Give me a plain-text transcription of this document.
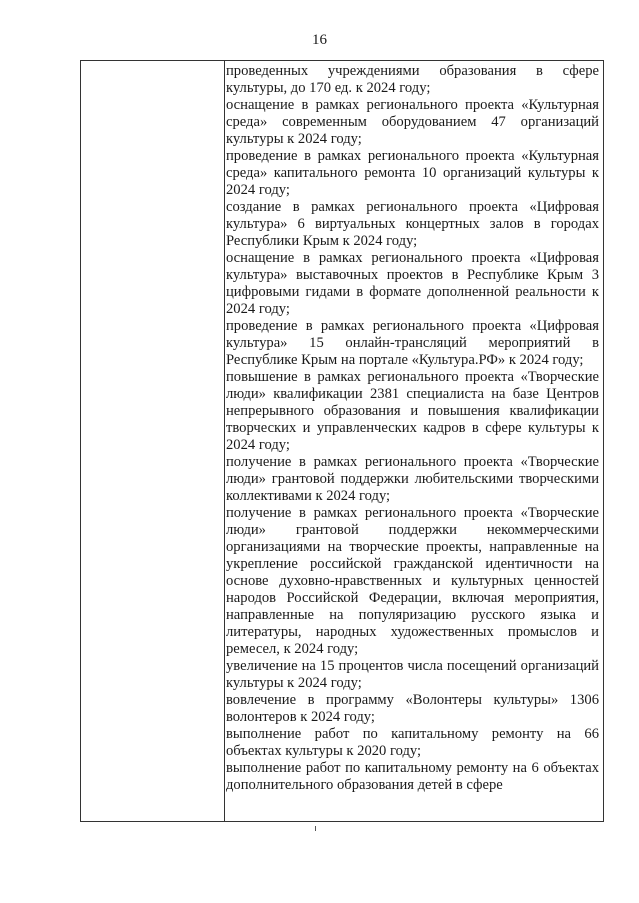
16

проведенных учреждениями образования в сфере культуры, до 170 ед. к 2024 году;

оснащение в рамках регионального проекта «Культурная среда» современным оборудованием 47 организаций культуры к 2024 году;

проведение в рамках регионального проекта «Культурная среда» капитального ремонта 10 организаций культуры к 2024 году;

создание в рамках регионального проекта «Цифровая культура» 6 виртуальных концертных залов в городах Республики Крым к 2024 году;

оснащение в рамках регионального проекта «Цифровая культура» выставочных проектов в Республике Крым 3 цифровыми гидами в формате дополненной реальности к 2024 году;

проведение в рамках регионального проекта «Цифровая культура» 15 онлайн-трансляций мероприятий в Республике Крым на портале «Культура.РФ» к 2024 году;

повышение в рамках регионального проекта «Творческие люди» квалификации 2381 специалиста на базе Центров непрерывного образования и повышения квалификации творческих и управленческих кадров в сфере культуры к 2024 году;

получение в рамках регионального проекта «Творческие люди» грантовой поддержки любительскими творческими коллективами к 2024 году;

получение в рамках регионального проекта «Творческие люди» грантовой поддержки некоммерческими организациями на творческие проекты, направленные на укрепление российской гражданской идентичности на основе духовно-нравственных и культурных ценностей народов Российской Федерации, включая мероприятия, направленные на популяризацию русского языка и литературы, народных художественных промыслов и ремесел, к 2024 году;

увеличение на 15 процентов числа посещений организаций культуры к 2024 году;

вовлечение в программу «Волонтеры культуры» 1306 волонтеров к 2024 году;

выполнение работ по капитальному ремонту на 66 объектах культуры к 2020 году;

выполнение работ по капитальному ремонту на 6 объектах дополнительного образования детей в сфере
